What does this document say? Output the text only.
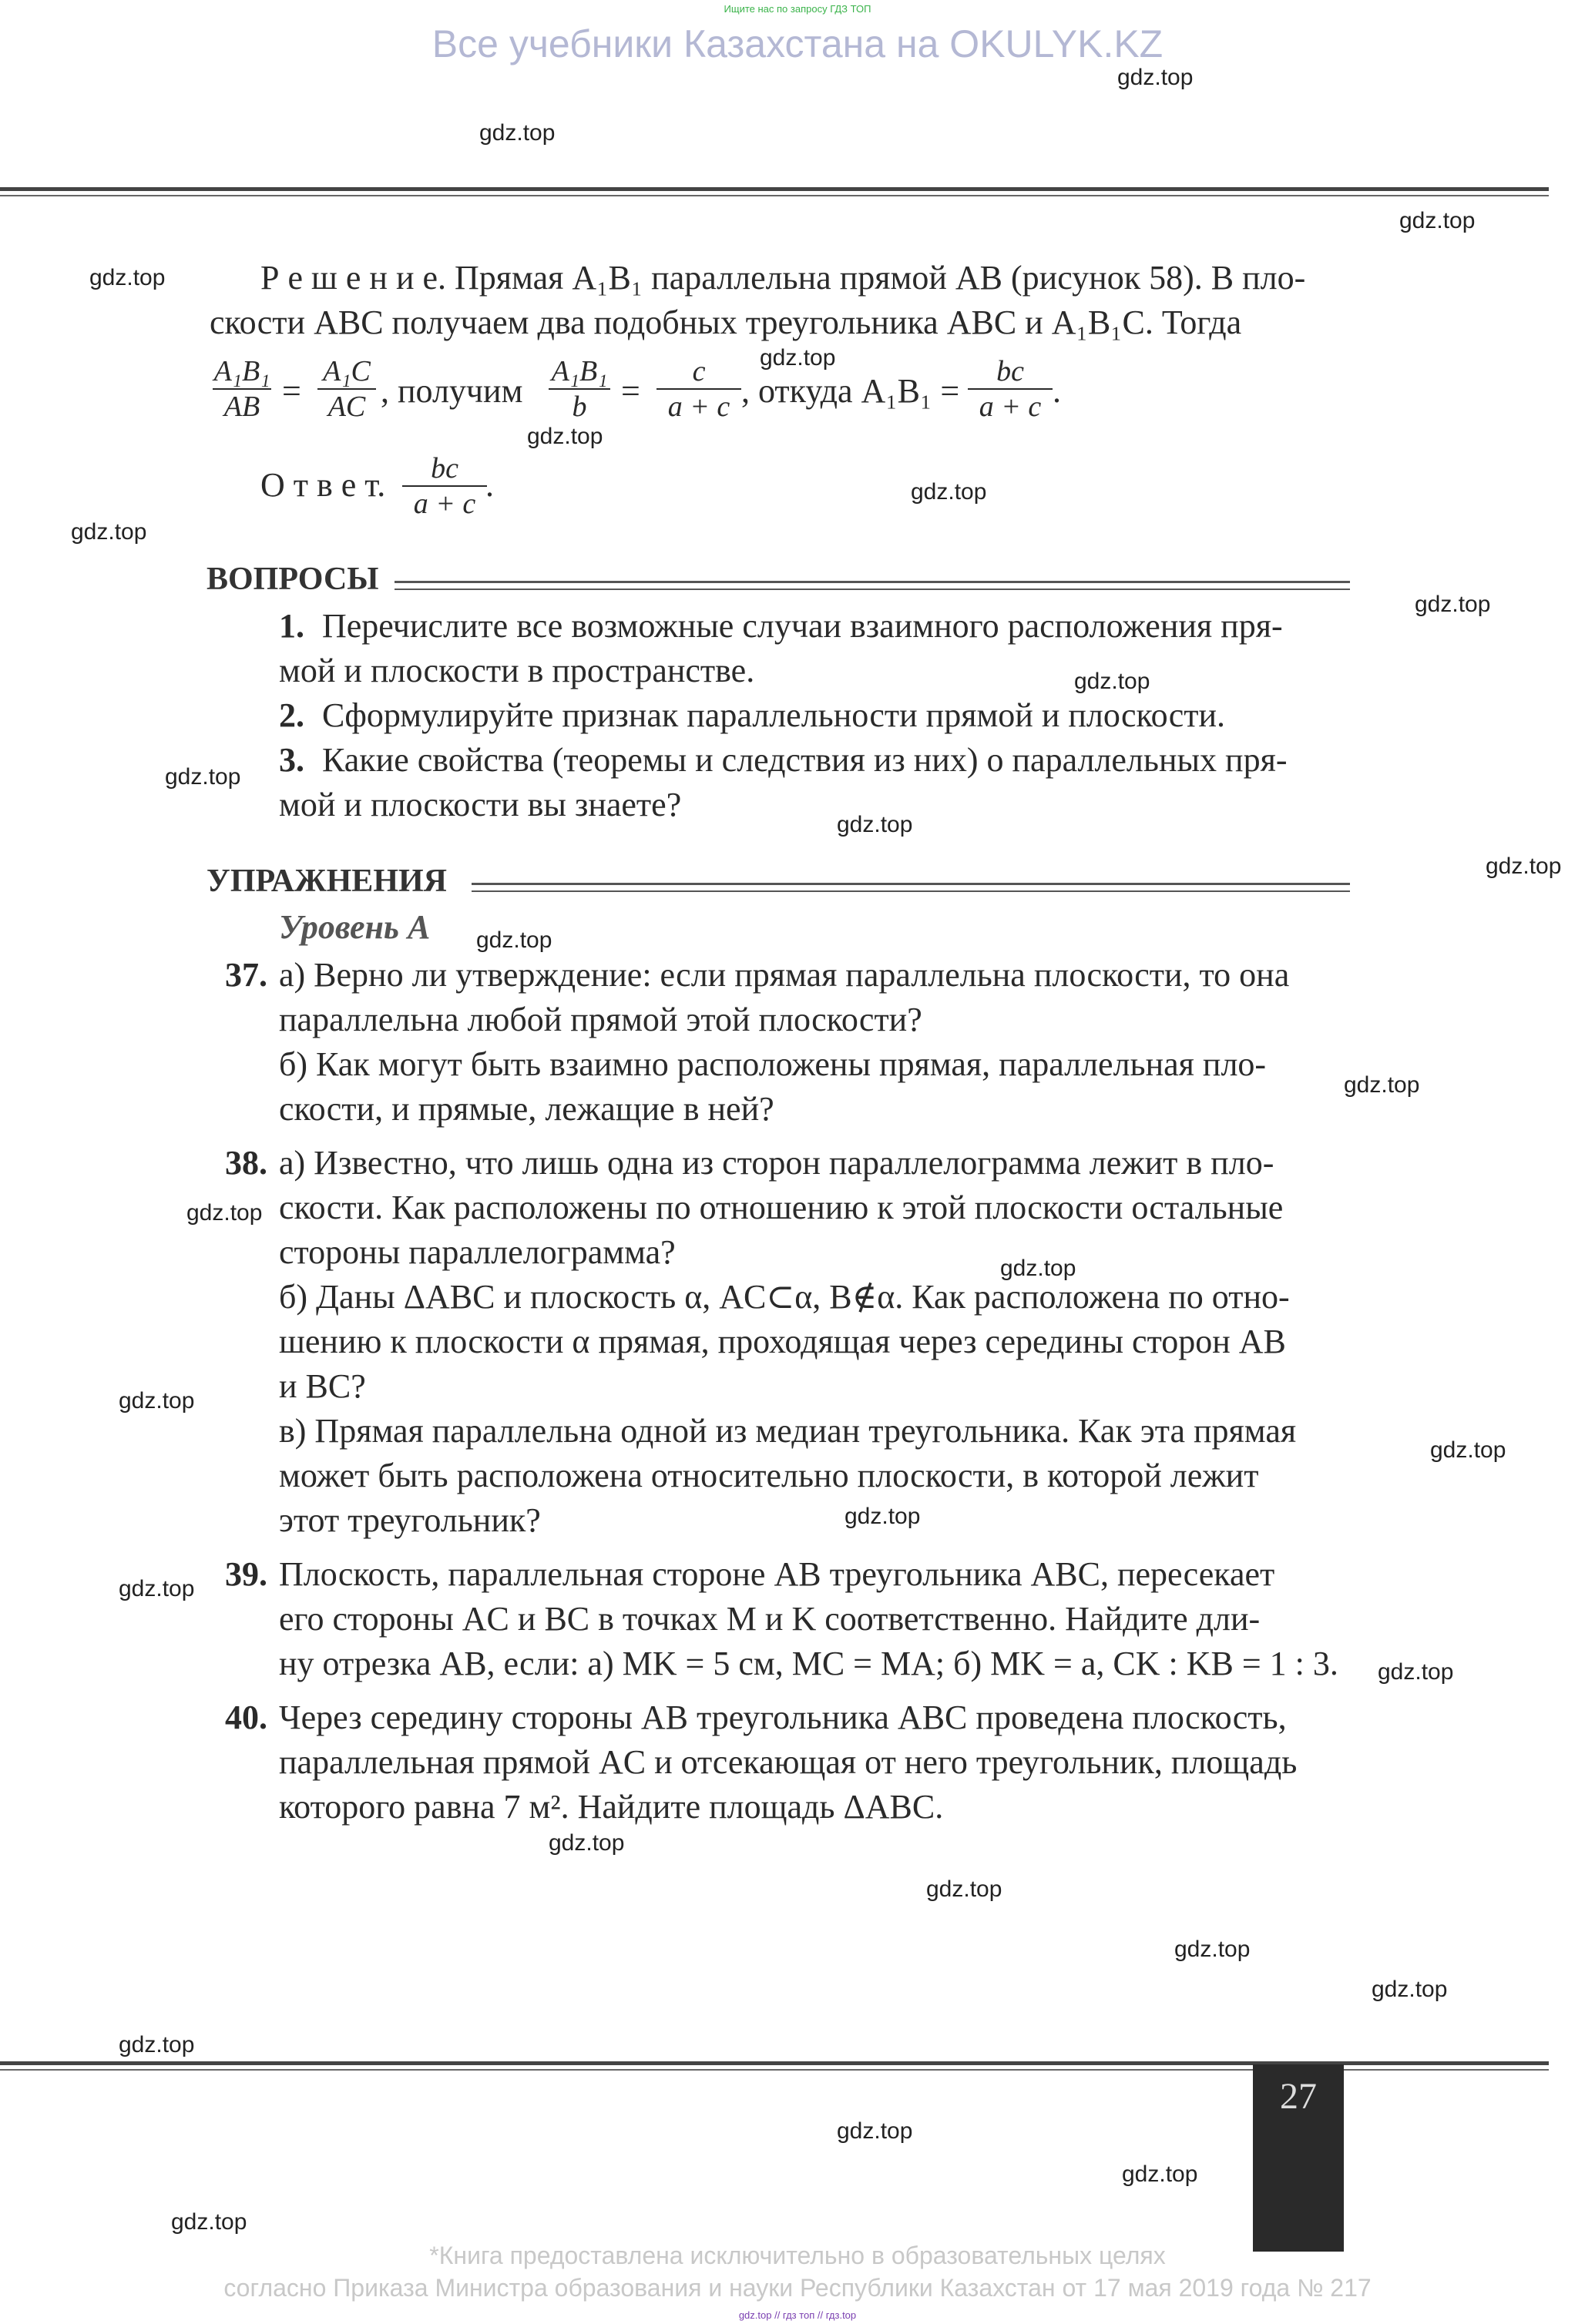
Ищите нас по запросу ГДЗ ТОП
Все учебники Казахстана на OKULYK.KZ
Р е ш е н и е. Прямая A₁B₁ параллельна прямой AB (рисунок 58). В пло-
скости ABC получаем два подобных треугольника ABC и A₁B₁C. Тогда
A₁B₁
AB =
A₁C
AC , получим
A₁B₁
b	=
c
a + c , откуда A₁B₁ =
bc
a + c .
О т в е т.	bc
a + c .
ВОПРОСЫ
1. Перечислите все возможные случаи взаимного расположения пря-
мой и плоскости в пространстве.
2. Сформулируйте признак параллельности прямой и плоскости.
3. Какие свойства (теоремы и следствия из них) о параллельных пря-
мой и плоскости вы знаете?
УПРАЖНЕНИЯ
Уровень А
37. а) Верно ли утверждение: если прямая параллельна плоскости, то она
параллельна любой прямой этой плоскости?
б) Как могут быть взаимно расположены прямая, параллельная пло-
скости, и прямые, лежащие в ней?
38. а) Известно, что лишь одна из сторон параллелограмма лежит в пло-
скости. Как расположены по отношению к этой плоскости остальные
стороны параллелограмма?
б) Даны ΔABC и плоскость α, AC⊂α, B∉α. Как расположена по отно-
шению к плоскости α прямая, проходящая через середины сторон AB
и BC?
в) Прямая параллельна одной из медиан треугольника. Как эта прямая
может быть расположена относительно плоскости, в которой лежит
этот треугольник?
39. Плоскость, параллельная стороне AB треугольника ABC, пересекает
его стороны AC и BC в точках M и K соответственно. Найдите дли-
ну отрезка AB, если: а) MK = 5 см, MC = MA; б) MK = a, CK : KB = 1 : 3.
40. Через середину стороны AB треугольника ABC проведена плоскость,
параллельная прямой AC и отсекающая от него треугольник, площадь
которого равна 7 м². Найдите площадь ΔABC.
27
gdz.top
gdz.top
gdz.top
gdz.top
gdz.top
gdz.top
gdz.top
gdz.top
gdz.top
gdz.top
gdz.top
gdz.top
gdz.top
gdz.top
gdz.top
gdz.top
gdz.top
gdz.top
gdz.top
gdz.top
gdz.top
gdz.top
gdz.top
gdz.top
gdz.top
gdz.top
gdz.top
gdz.top
gdz.top
gdz.top
*Книга предоставлена исключительно в образовательных целях
согласно Приказа Министра образования и науки Республики Казахстан от 17 мая 2019 года № 217
gdz.top // гдз топ // гдз.top
